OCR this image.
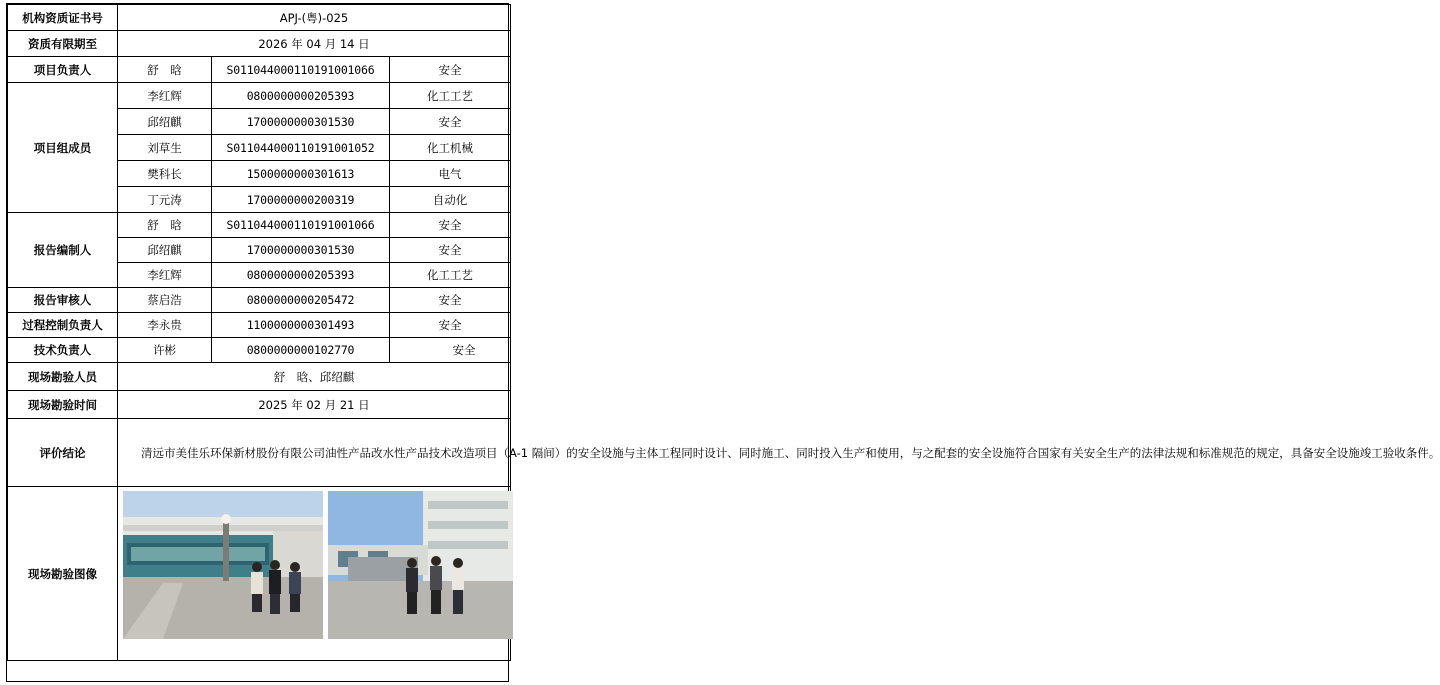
机构资质证书号	APJ-(粤)-025		
资质有限期至	2026 年 04 月 14 日		
项目负责人	舒　晗	S011044000110191001066	安全
项目组成员	李红辉	0800000000205393	化工工艺
	邱绍麒	1700000000301530	安全
	刘草生	S011044000110191001052	化工机械
	樊科长	1500000000301613	电气
	丁元涛	1700000000200319	自动化
报告编制人	舒　晗	S011044000110191001066	安全
	邱绍麒	1700000000301530	安全
	李红辉	0800000000205393	化工工艺
报告审核人	蔡启浩	0800000000205472	安全
过程控制负责人	李永贵	1100000000301493	安全
技术负责人	许彬	0800000000102770	安全
现场勘验人员	舒　晗、邱绍麒		
现场勘验时间	2025 年 02 月 21 日		
评价结论	　　清远市美佳乐环保新材股份有限公司油性产品改水性产品技术改造项目（A-1 隔间）的安全设施与主体工程同时设计、同时施工、同时投入生产和使用，与之配套的安全设施符合国家有关安全生产的法律法规和标准规范的规定，具备安全设施竣工验收条件。		
现场勘验图像	
